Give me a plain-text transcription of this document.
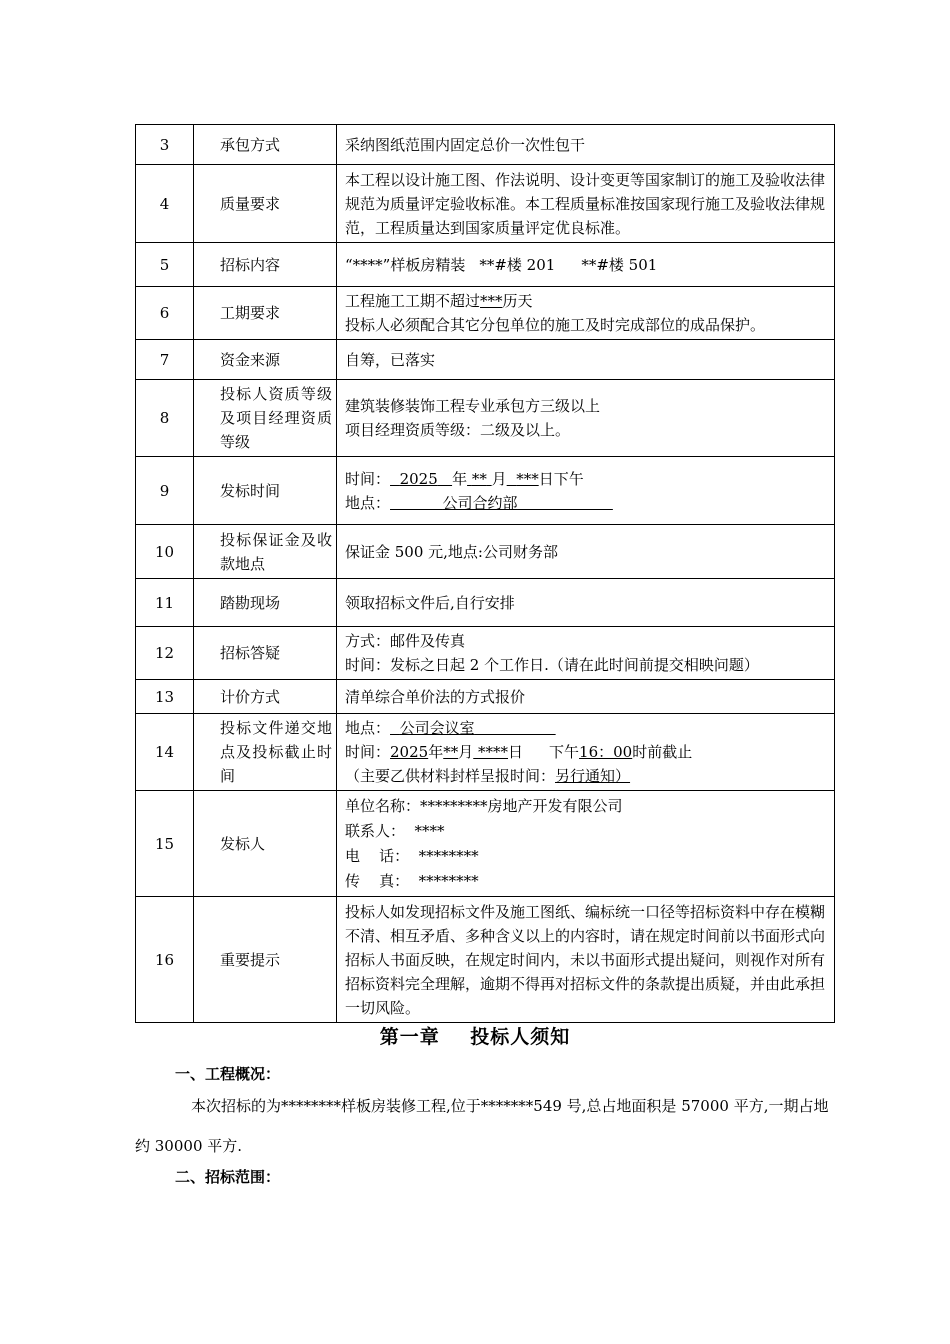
3	承包方式	采纳图纸范围内固定总价一次性包干
4	质量要求	本工程以设计施工图、作法说明、设计变更等国家制订的施工及验收法律规范为质量评定验收标准。本工程质量标准按国家现行施工及验收法律规范，工程质量达到国家质量评定优良标准。
5	招标内容	“****”样板房精装 **#楼 201 **#楼 501
6	工期要求	工程施工工期不超过***历天
投标人必须配合其它分包单位的施工及时完成部位的成品保护。

7	资金来源	自筹，已落实
8	投标人资质等级及项目经理资质等级	建筑装修装饰工程专业承包方三级以上
项目经理资质等级：二级及以上。

9	发标时间	时间： 2025 年 ** 月 ***日下午
地点： 公司合约部

10	投标保证金及收款地点	保证金 500 元,地点:公司财务部
11	踏勘现场	领取招标文件后,自行安排
12	招标答疑	方式：邮件及传真
时间：发标之日起 2 个工作日.（请在此时间前提交相映问题）

13	计价方式	清单综合单价法的方式报价
14	投标文件递交地点及投标截止时间	地点： 公司会议室
时间：2025年**月 ****日 下午16：00时前截止
（主要乙供材料封样呈报时间：另行通知）

15	发标人	单位名称：*********房地产开发有限公司
联系人：  ****
电    话：  ********
传    真：  ********

16	重要提示	投标人如发现招标文件及施工图纸、编标统一口径等招标资料中存在模糊不清、相互矛盾、多种含义以上的内容时，请在规定时间前以书面形式向招标人书面反映，在规定时间内，未以书面形式提出疑问，则视作对所有招标资料完全理解，逾期不得再对招标文件的条款提出质疑，并由此承担一切风险。
第一章    投标人须知
一、工程概况：
本次招标的为********样板房装修工程,位于*******549 号,总占地面积是 57000 平方,一期占地约 30000 平方.
二、招标范围：
